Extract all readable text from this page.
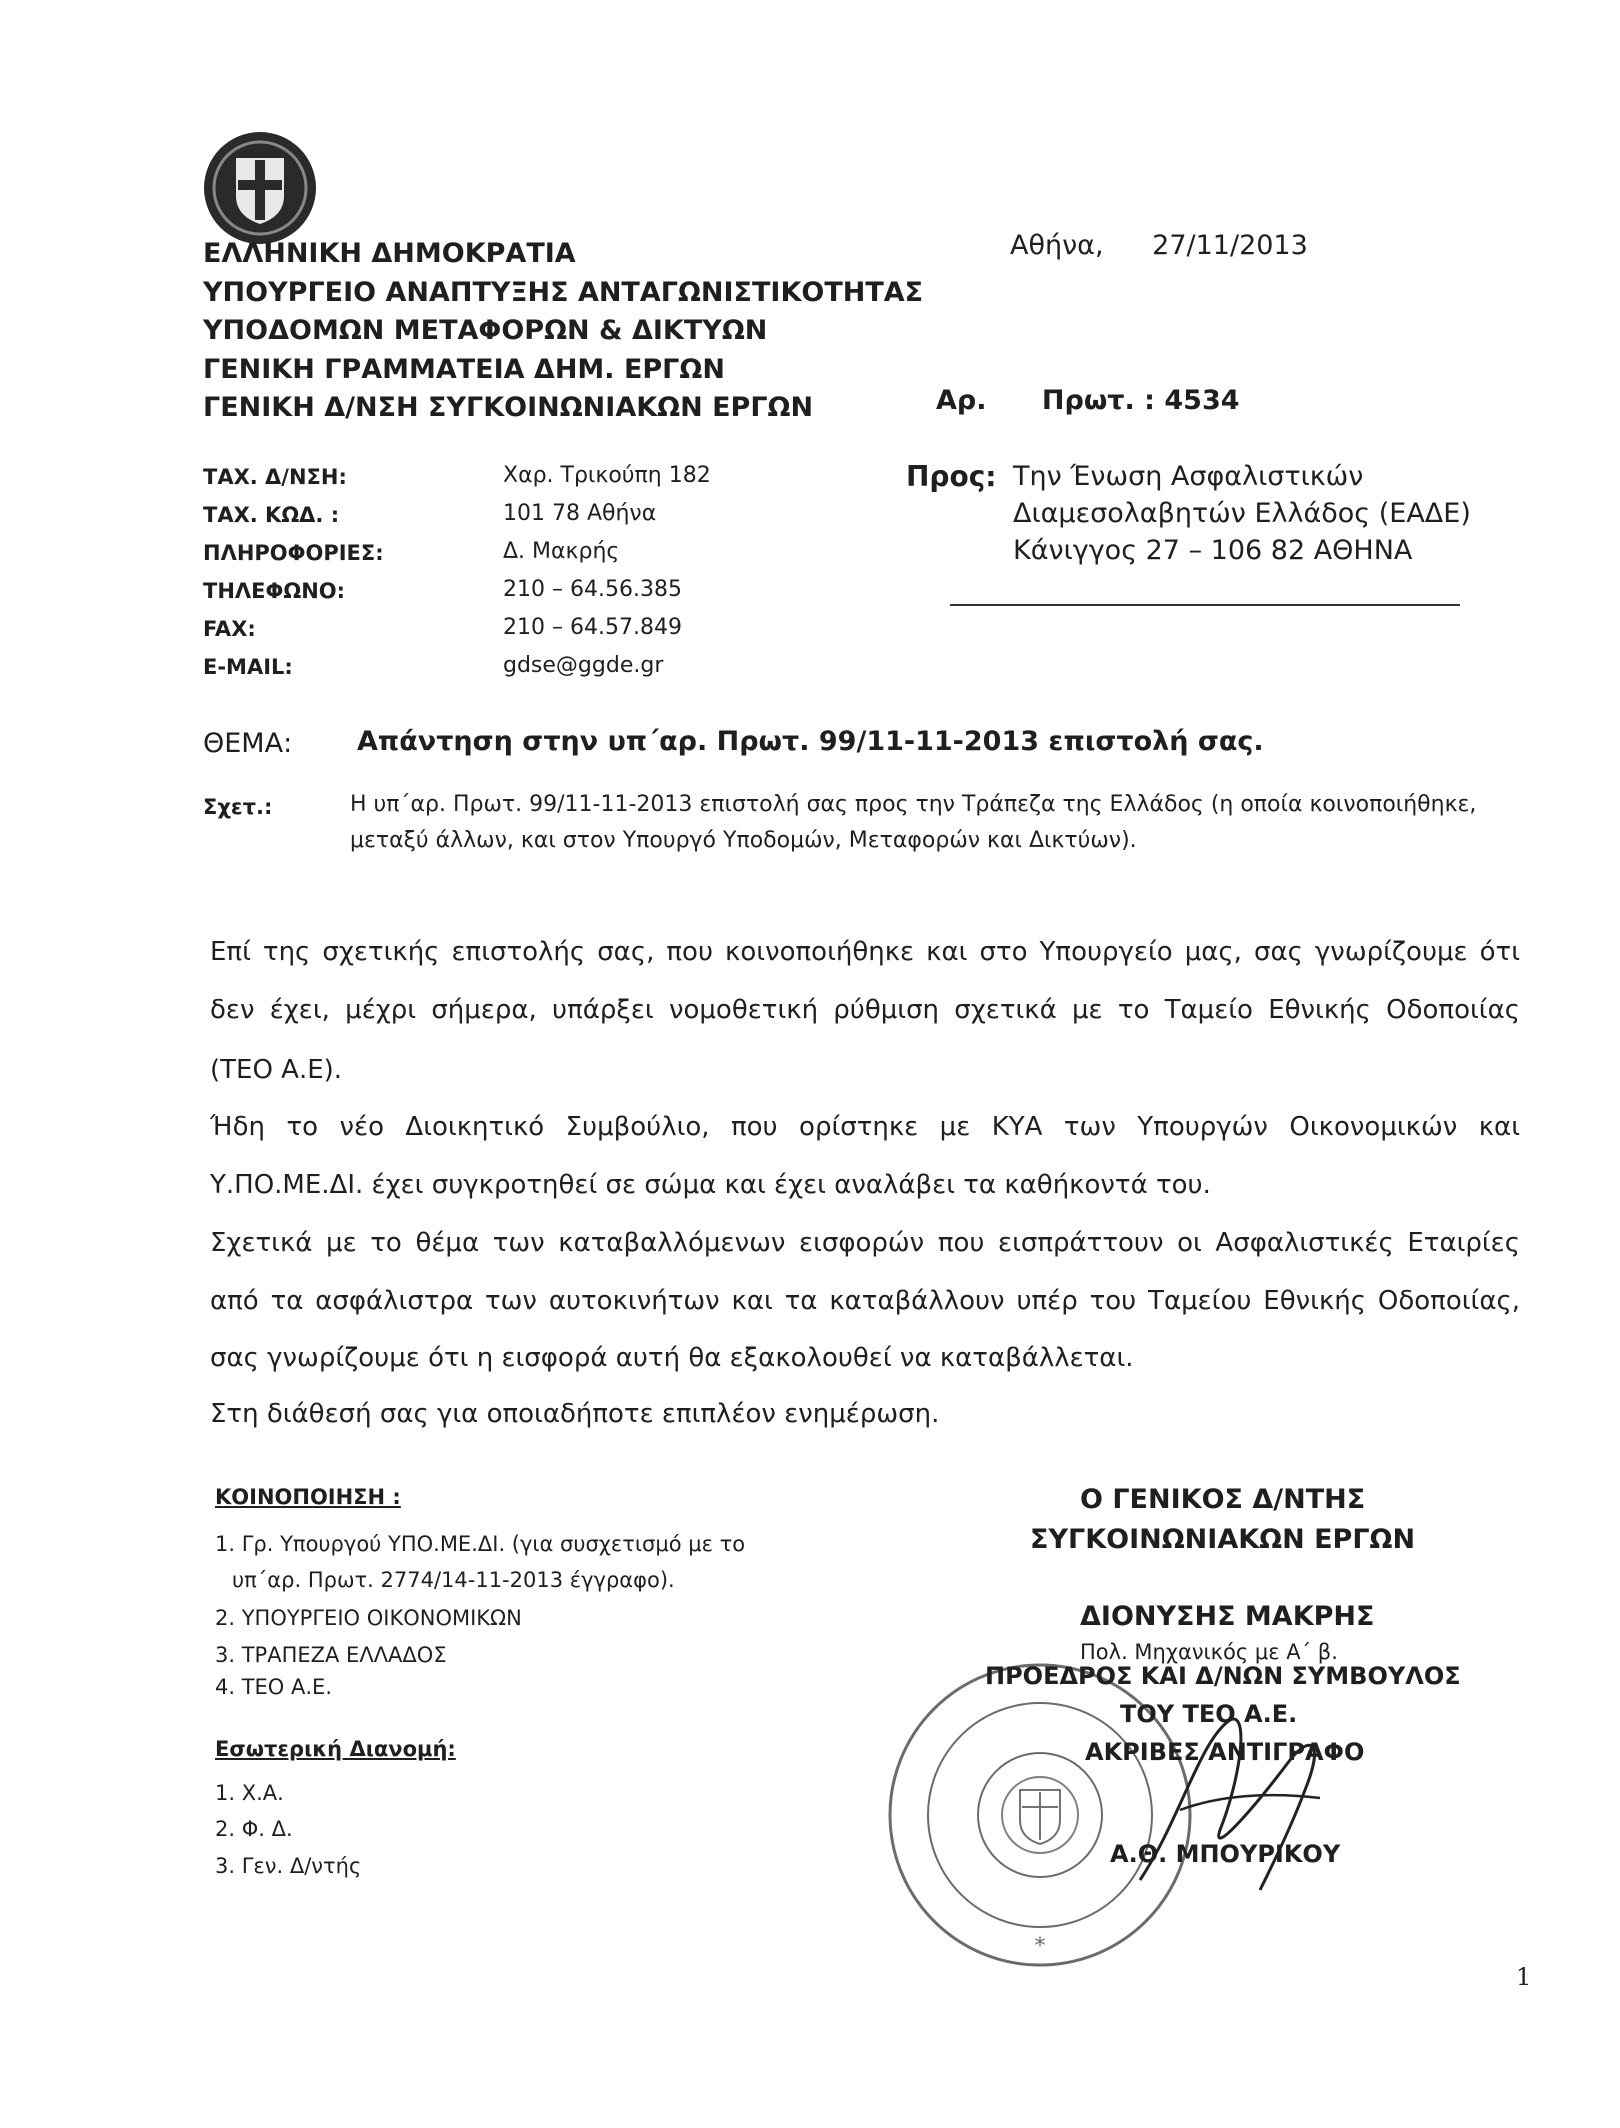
ΕΛΛΗΝΙΚΗ ΔΗΜΟΚΡΑΤΙΑ
ΥΠΟΥΡΓΕΙΟ ΑΝΑΠΤΥΞΗΣ ΑΝΤΑΓΩΝΙΣΤΙΚΟΤΗΤΑΣ
ΥΠΟΔΟΜΩΝ ΜΕΤΑΦΟΡΩΝ & ΔΙΚΤΥΩΝ
ΓΕΝΙΚΗ ΓΡΑΜΜΑΤΕΙΑ ΔΗΜ. ΕΡΓΩΝ
ΓΕΝΙΚΗ Δ/ΝΣΗ ΣΥΓΚΟΙΝΩΝΙΑΚΩΝ ΕΡΓΩΝ
Αθήνα, 27/11/2013
Αρ. Πρωτ. : 4534
ΤΑΧ. Δ/ΝΣΗ:	Χαρ. Τρικούπη 182
ΤΑΧ. ΚΩΔ. :	101 78 Αθήνα
ΠΛΗΡΟΦΟΡΙΕΣ:	Δ. Μακρής
ΤΗΛΕΦΩΝΟ:	210 – 64.56.385
FAX:	210 – 64.57.849
E-MAIL:	gdse@ggde.gr
Προς: Την Ένωση Ασφαλιστικών
Διαμεσολαβητών Ελλάδος (ΕΑΔΕ)
Κάνιγγος 27 – 106 82 ΑΘΗΝΑ
ΘΕΜΑ: Απάντηση στην υπ΄αρ. Πρωτ. 99/11-11-2013 επιστολή σας.
Σχετ.:	Η υπ΄αρ. Πρωτ. 99/11-11-2013 επιστολή σας προς την Τράπεζα της Ελλάδος (η οποία κοινοποιήθηκε,
μεταξύ άλλων, και στον Υπουργό Υποδομών, Μεταφορών και Δικτύων).
Επί της σχετικής επιστολής σας, που κοινοποιήθηκε και στο Υπουργείο μας, σας γνωρίζουμε ότι
δεν έχει, μέχρι σήμερα, υπάρξει νομοθετική ρύθμιση σχετικά με το Ταμείο Εθνικής Οδοποιίας
(ΤΕΟ Α.Ε).
Ήδη το νέο Διοικητικό Συμβούλιο, που ορίστηκε με ΚΥΑ των Υπουργών Οικονομικών και
Υ.ΠΟ.ΜΕ.ΔΙ. έχει συγκροτηθεί σε σώμα και έχει αναλάβει τα καθήκοντά του.
Σχετικά με το θέμα των καταβαλλόμενων εισφορών που εισπράττουν οι Ασφαλιστικές Εταιρίες
από τα ασφάλιστρα των αυτοκινήτων και τα καταβάλλουν υπέρ του Ταμείου Εθνικής Οδοποιίας,
σας γνωρίζουμε ότι η εισφορά αυτή θα εξακολουθεί να καταβάλλεται.
Στη διάθεσή σας για οποιαδήποτε επιπλέον ενημέρωση.
ΚΟΙΝΟΠΟΙΗΣΗ :
1. Γρ. Υπουργού ΥΠΟ.ΜΕ.ΔΙ. (για συσχετισμό με το
υπ΄αρ. Πρωτ. 2774/14-11-2013 έγγραφο).
2. ΥΠΟΥΡΓΕΙΟ ΟΙΚΟΝΟΜΙΚΩΝ
3. ΤΡΑΠΕΖΑ ΕΛΛΑΔΟΣ
4. ΤΕΟ Α.Ε.
Εσωτερική Διανομή:
1. Χ.Α.
2. Φ. Δ.
3. Γεν. Δ/ντής
Ο ΓΕΝΙΚΟΣ Δ/ΝΤΗΣ
ΣΥΓΚΟΙΝΩΝΙΑΚΩΝ ΕΡΓΩΝ
ΔΙΟΝΥΣΗΣ ΜΑΚΡΗΣ
Πολ. Μηχανικός με Α΄ β.
*
ΠΡΟΕΔΡΟΣ ΚΑΙ Δ/ΝΩΝ ΣΥΜΒΟΥΛΟΣ
ΤΟΥ ΤΕΟ Α.Ε.
ΑΚΡΙΒΕΣ ΑΝΤΙΓΡΑΦΟ
Α.Θ. ΜΠΟΥΡΙΚΟΥ
1
